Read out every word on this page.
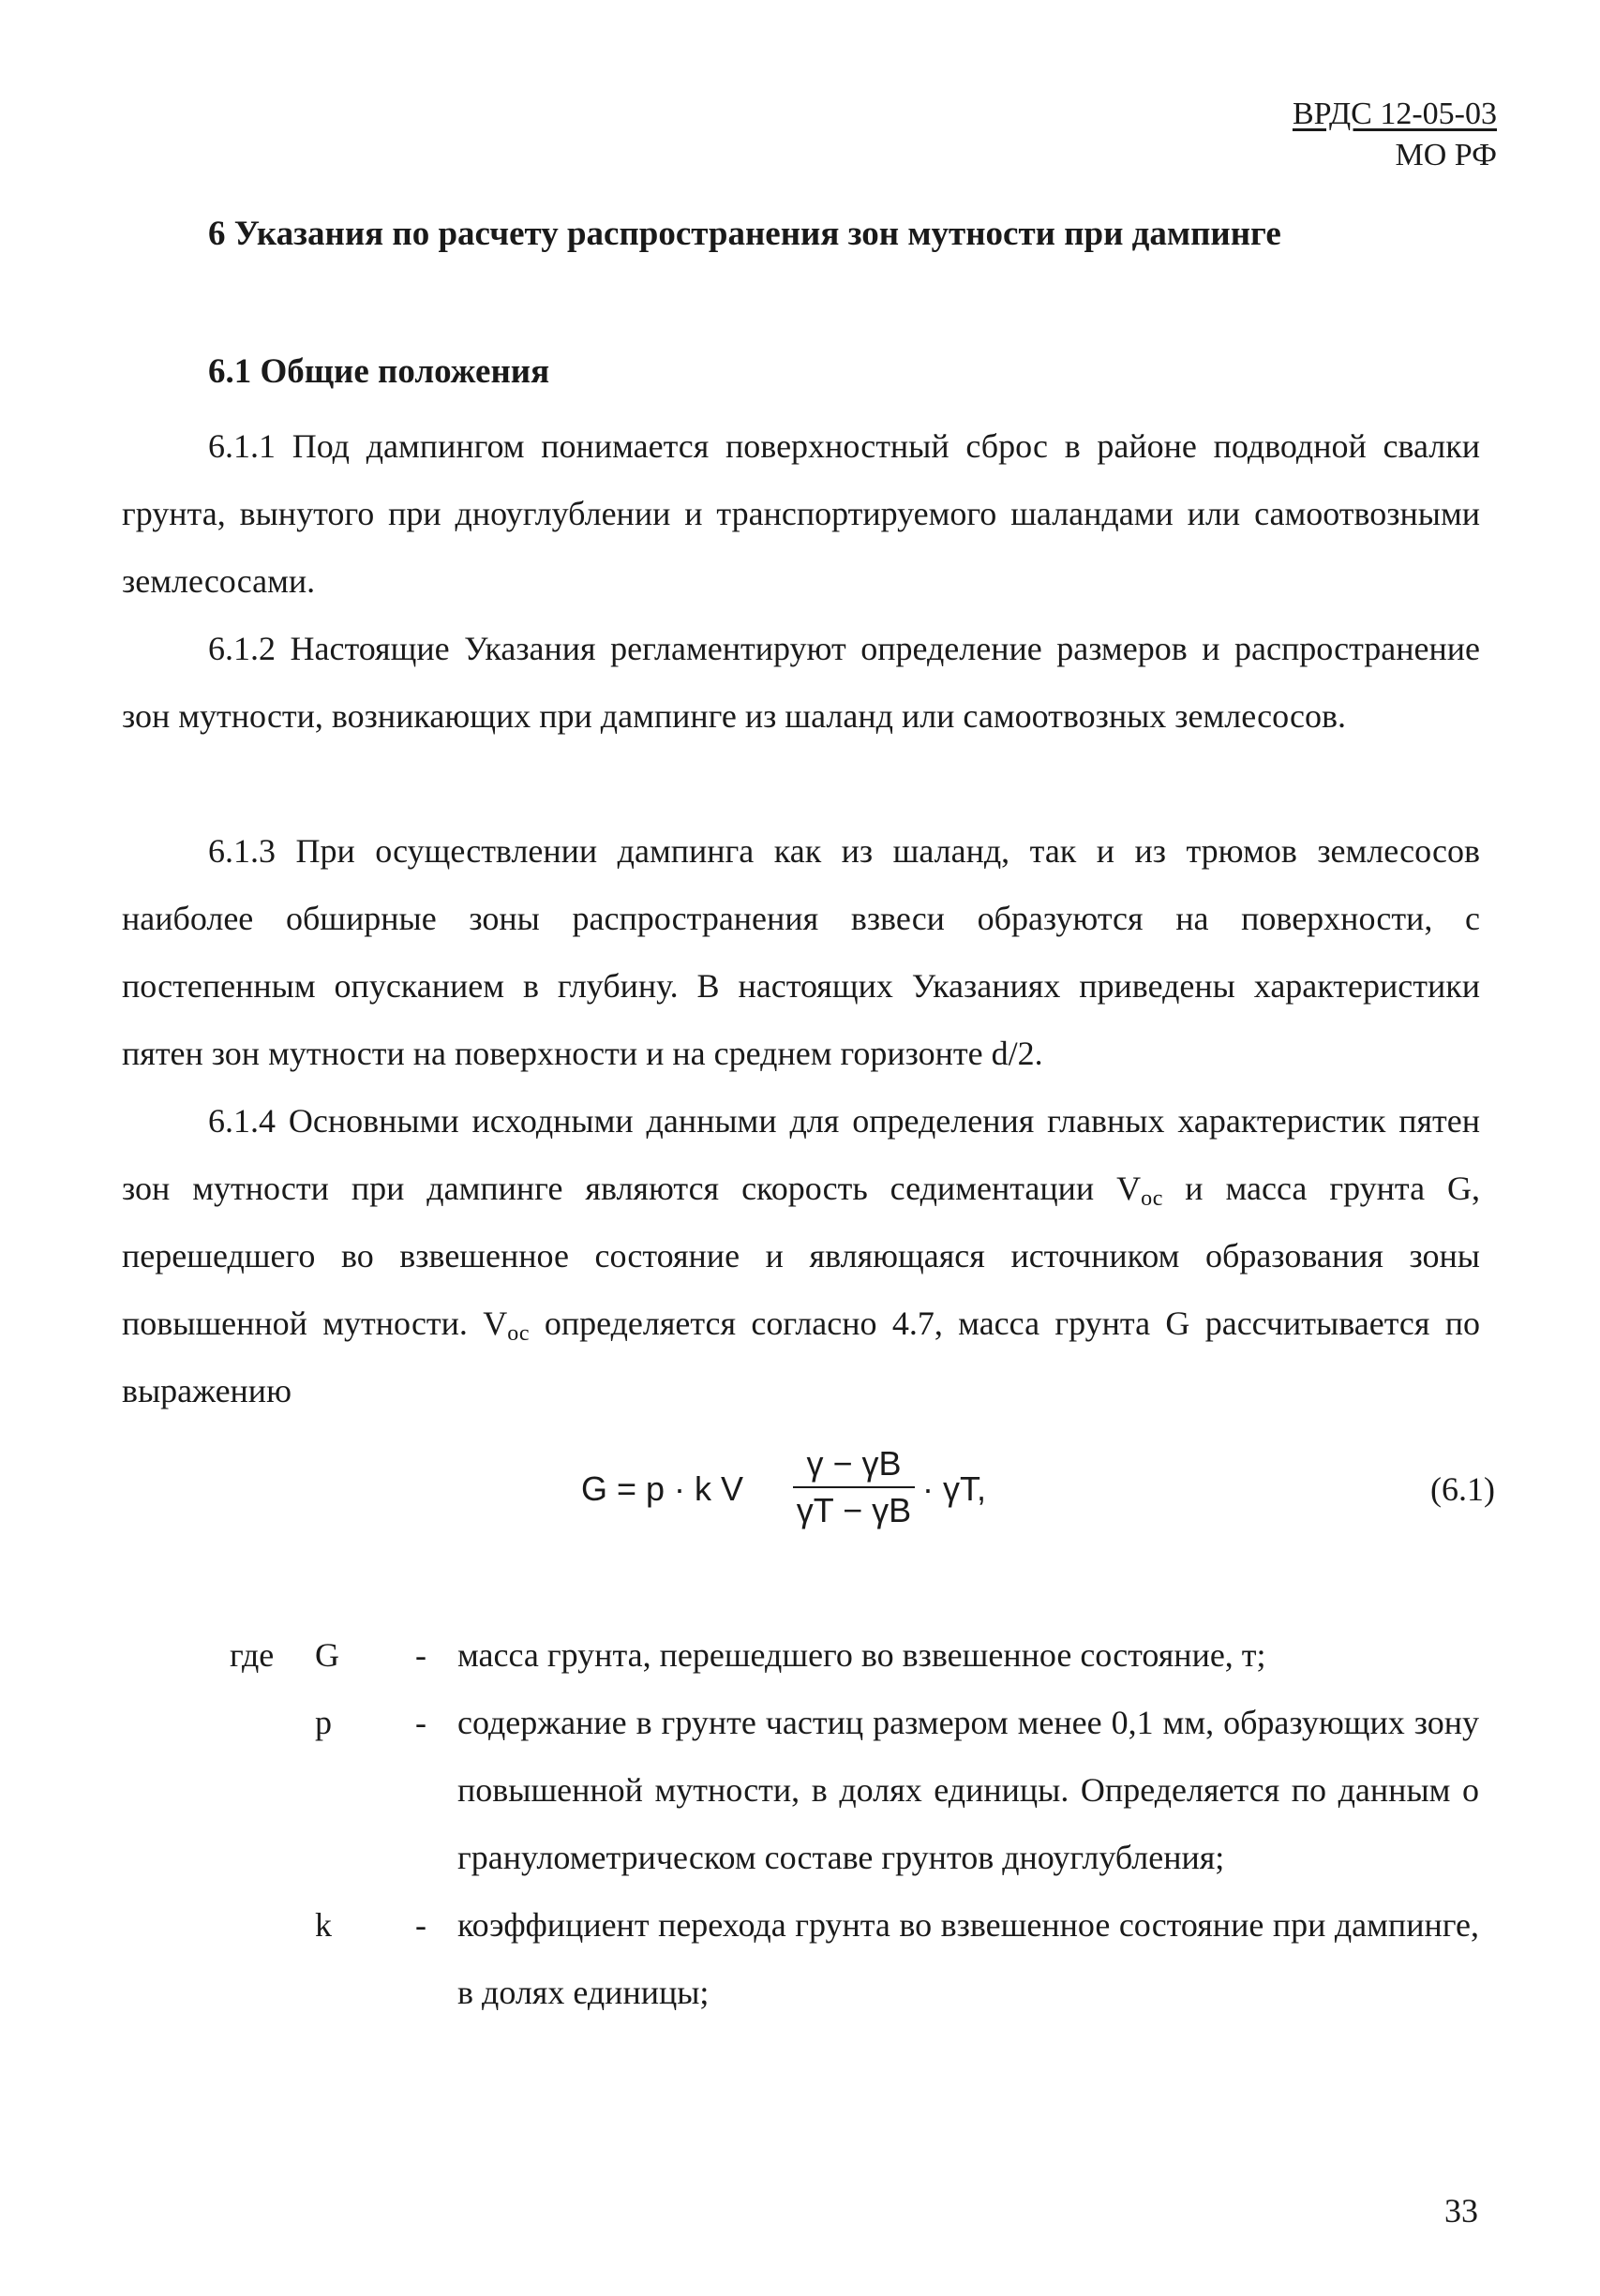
ВРДС 12-05-03
МО РФ
6 Указания по расчету распространения зон мутности при дампинге
6.1 Общие положения

6.1.1 Под дампингом понимается поверхностный сброс в районе подводной свалки грунта, вынутого при дноуглублении и транспортируемого шаландами или самоотвозными землесосами.

6.1.2 Настоящие Указания регламентируют определение размеров и распространение зон мутности, возникающих при дампинге из шаланд или самоотвозных землесосов.

6.1.3 При осуществлении дампинга как из шаланд, так и из трюмов землесосов наиболее обширные зоны распространения взвеси образуются на поверхности, с постепенным опусканием в глубину. В настоящих Указаниях приведены характеристики пятен зон мутности на поверхности и на среднем горизонте d/2.

6.1.4 Основными исходными данными для определения главных характеристик пятен зон мутности при дампинге являются скорость седиментации $V_{ос}$ и масса грунта G, перешедшего во взвешенное состояние и являющаяся источником образования зоны повышенной мутности. $V_{ос}$ определяется согласно 4.7, масса грунта G рассчитывается по выражению

G = p · k V
γ − γB
γT − γB
· γT,	(6.1)
где G - масса грунта, перешедшего во взвешенное состояние, т;
p - содержание в грунте частиц размером менее 0,1 мм, образующих зону повышенной мутности, в долях единицы. Определяется по данным о гранулометрическом составе грунтов дноуглубления;
k - коэффициент перехода грунта во взвешенное состояние при дампинге, в долях единицы;
33
